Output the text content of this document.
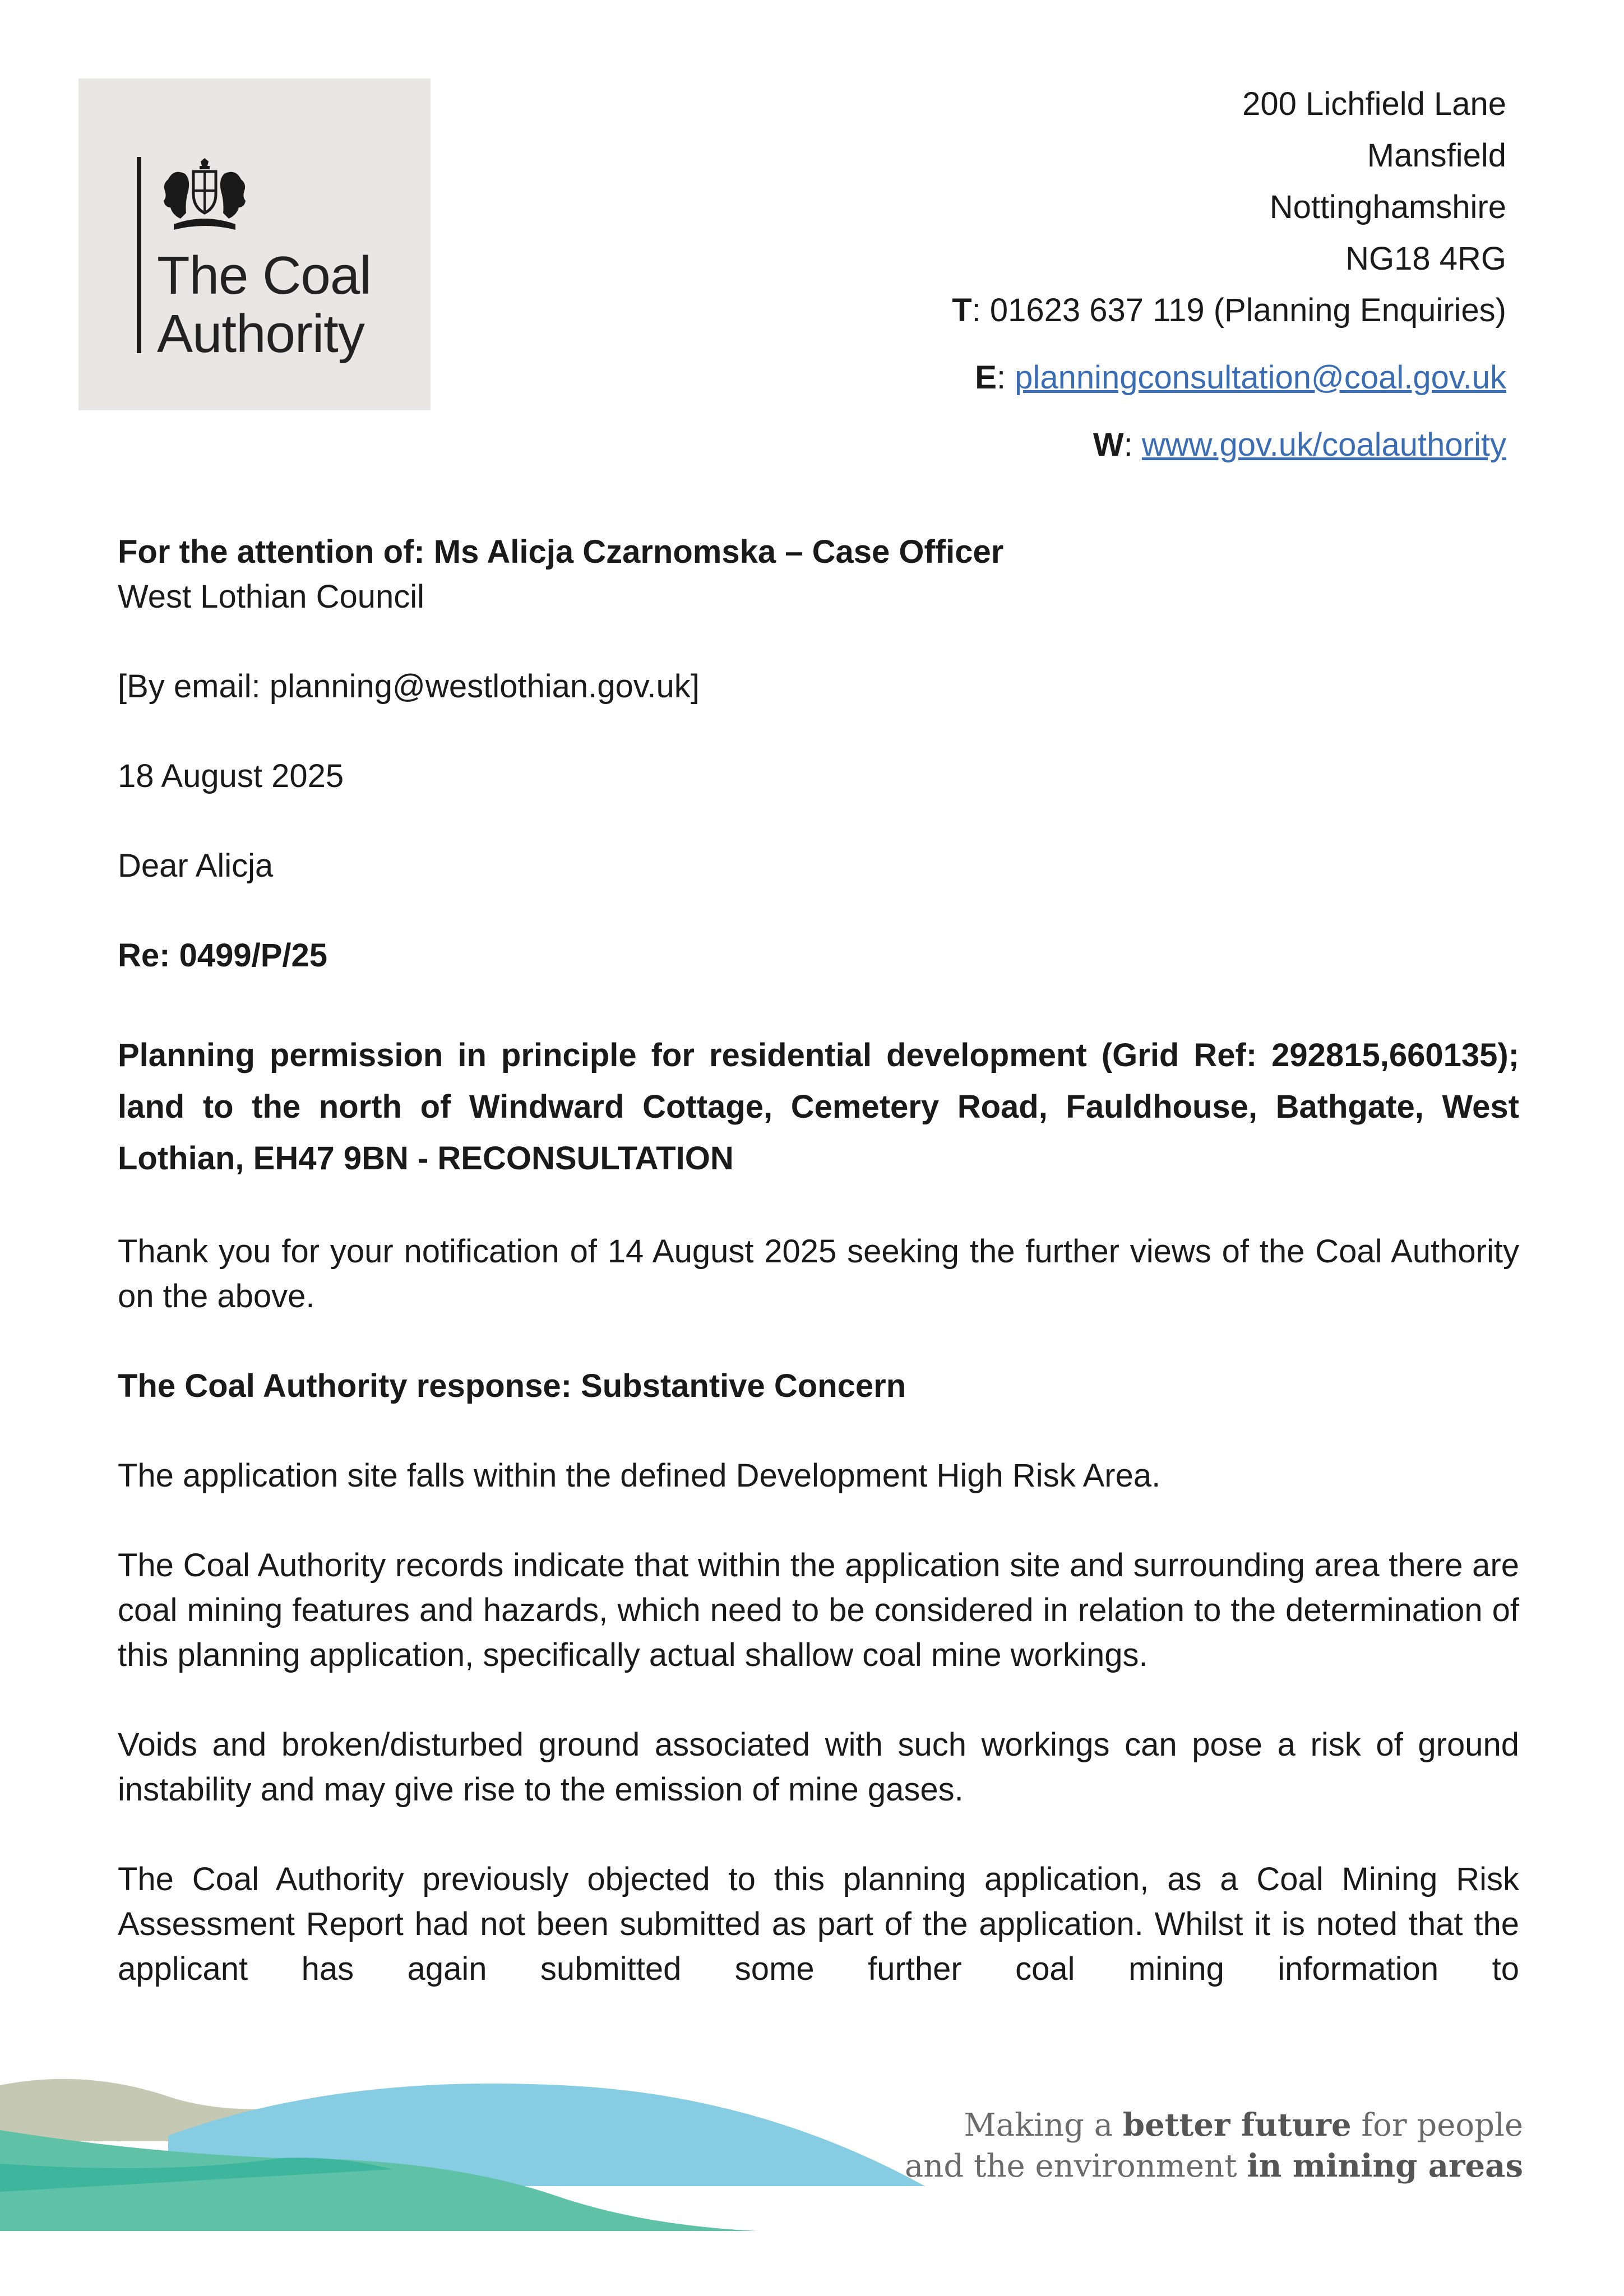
The Coal
Authority
200 Lichfield Lane
Mansfield
Nottinghamshire
NG18 4RG
T: 01623 637 119 (Planning Enquiries)
E: planningconsultation@coal.gov.uk
W: www.gov.uk/coalauthority

For the attention of: Ms Alicja Czarnomska – Case Officer

West Lothian Council

[By email: planning@westlothian.gov.uk]

18 August 2025

Dear Alicja

Re: 0499/P/25

Planning permission in principle for residential development (Grid Ref: 292815,660135); land to the north of Windward Cottage, Cemetery Road, Fauldhouse, Bathgate, West Lothian, EH47 9BN - RECONSULTATION

Thank you for your notification of 14 August 2025 seeking the further views of the Coal Authority on the above.

The Coal Authority response: Substantive Concern

The application site falls within the defined Development High Risk Area.

The Coal Authority records indicate that within the application site and surrounding area there are coal mining features and hazards, which need to be considered in relation to the determination of this planning application, specifically actual shallow coal mine workings.

Voids and broken/disturbed ground associated with such workings can pose a risk of ground instability and may give rise to the emission of mine gases.

The Coal Authority previously objected to this planning application, as a Coal Mining Risk Assessment Report had not been submitted as part of the application. Whilst it is noted that the applicant has again submitted some further coal mining information to

Making a better future for people
and the environment in mining areas
